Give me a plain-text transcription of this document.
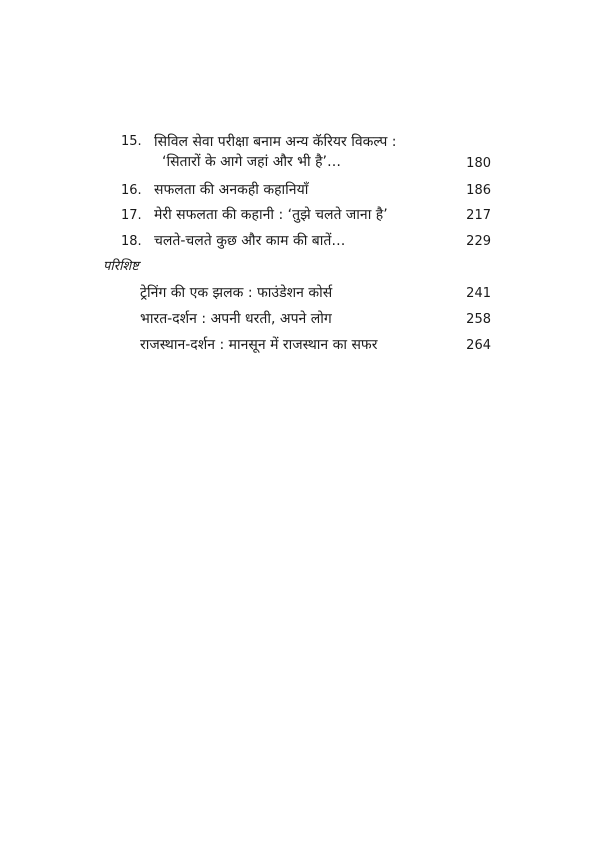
15. सिविल सेवा परीक्षा बनाम अन्य कॅरियर विकल्प :
‘सितारों के आगे जहां और भी है’…	180
16. सफलता की अनकही कहानियाँ	186
17. मेरी सफलता की कहानी : ‘तुझे चलते जाना है’	217
18. चलते-चलते कुछ और काम की बातें…	229
परिशिष्ट
ट्रेनिंग की एक झलक : फाउंडेशन कोर्स	241
भारत-दर्शन : अपनी धरती, अपने लोग	258
राजस्थान-दर्शन : मानसून में राजस्थान का सफर	264
